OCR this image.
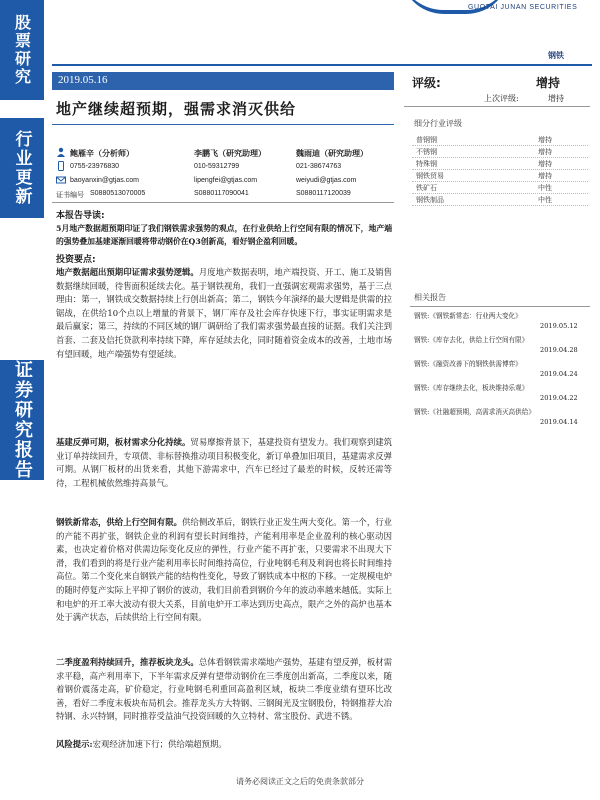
股票研究
行业更新
证券研究报告
GUOTAI JUNAN SECURITIES
钢铁
2019.05.16
地产继续超预期，强需求消灭供给
评级:	增持
上次评级:	增持
细分行业评级
普钢钢	增持
不锈钢	增持
特殊钢	增持
钢铁贸易	增持
铁矿石	中性
钢铁制品	中性
鲍雁辛（分析师）
0755-23976830
baoyanxin@gtjas.com
证书编号 S0880513070005
李鹏飞（研究助理）
010-59312799
lipengfei@gtjas.com
S0880117090041
魏雨迪（研究助理）
021-38674763
weiyudi@gtjas.com
S0880117120039
本报告导读:

5月地产数据超预期印证了我们钢铁需求强势的观点，在行业供给上行空间有限的情况下，地产端的强势叠加基建逐渐回暖将带动钢价在Q3创新高，看好钢企盈利回暖。

投资要点:

地产数据超出预期印证需求强势逻辑。月度地产数据表明，地产端投资、开工、施工及销售数据继续回暖，待售面积延续去化。基于钢铁视角，我们一直强调宏观需求强势，基于三点理由：第一，钢铁成交数据持续上行创出新高；第二，钢铁今年演绎的最大逻辑是供需的拉锯战，在供给10个点以上增量的背景下，钢厂库存及社会库存快速下行，事实证明需求是最后赢家；第三，持续的不同区域的钢厂调研给了我们需求强势最直接的证据。我们关注到首套、二套及信托贷款利率持续下降，库存延续去化，同时随着资金成本的改善，土地市场有望回暖，地产端强势有望延续。

基建反弹可期，板材需求分化持续。贸易摩擦背景下，基建投资有望发力。我们观察到建筑业订单持续回升，专项债、非标替换推动项目积极变化，新订单叠加旧项目，基建需求反弹可期。从钢厂板材的出货来看，其他下游需求中，汽车已经过了最差的时候，反转还需等待，工程机械依然维持高景气。

钢铁新常态，供给上行空间有限。供给侧改革后，钢铁行业正发生两大变化。第一个，行业的产能不再扩张，钢铁企业的利润有望长时间维持，产能利用率是企业盈利的核心驱动因素，也决定着价格对供需边际变化反应的弹性，行业产能不再扩张，只要需求不出现大下滑，我们看到的将是行业产能利用率长时间维持高位，行业吨钢毛利及利润也将长时间维持高位。第二个变化来自钢铁产能的结构性变化，导致了钢铁成本中枢的下移。一定规模电炉的随时停复产实际上平抑了钢价的波动，我们目前看到钢价今年的波动率越来越低。实际上和电炉的开工率大波动有很大关系，目前电炉开工率达到历史高点，限产之外的高炉也基本处于满产状态，后续供给上行空间有限。

二季度盈利持续回升，推荐板块龙头。总体看钢铁需求端地产强势，基建有望反弹，板材需求平稳，高产利用率下，下半年需求反弹有望带动钢价在三季度创出新高，二季度以来，随着钢价震荡走高，矿价稳定，行业吨钢毛利重回高盈利区域，板块二季度业绩有望环比改善，看好二季度末板块布局机会。推荐龙头方大特钢、三钢闽光及宝钢股份，特钢推荐大冶特钢、永兴特钢，同时推荐受益油气投资回暖的久立特材、常宝股份、武进不锈。

风险提示:宏观经济加速下行；供给端超预期。

相关报告
钢铁:《钢铁新常态：行业两大变化》
2019.05.12
钢铁:《库存去化，供给上行空间有限》
2019.04.28
钢铁:《融资改善下的钢铁供需博弈》
2019.04.24
钢铁:《库存继续去化，板块维持乐观》
2019.04.22
钢铁:《社融超预期，高需求消灭高供给》
2019.04.14
请务必阅读正文之后的免责条款部分
